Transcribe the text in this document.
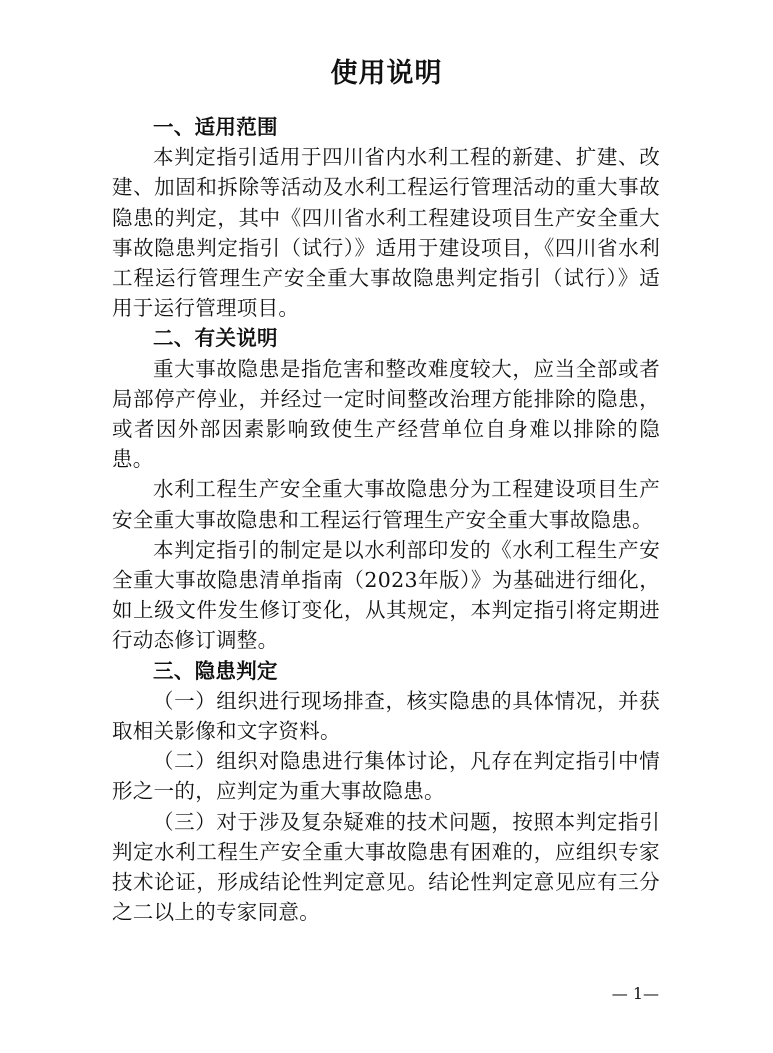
使用说明

一、适用范围

本判定指引适用于四川省内水利工程的新建、扩建、改建、加固和拆除等活动及水利工程运行管理活动的重大事故隐患的判定，其中《四川省水利工程建设项目生产安全重大事故隐患判定指引（试行）》适用于建设项目，《四川省水利工程运行管理生产安全重大事故隐患判定指引（试行）》适用于运行管理项目。

二、有关说明

重大事故隐患是指危害和整改难度较大，应当全部或者局部停产停业，并经过一定时间整改治理方能排除的隐患，或者因外部因素影响致使生产经营单位自身难以排除的隐患。

水利工程生产安全重大事故隐患分为工程建设项目生产安全重大事故隐患和工程运行管理生产安全重大事故隐患。

本判定指引的制定是以水利部印发的《水利工程生产安全重大事故隐患清单指南（2023年版）》为基础进行细化，如上级文件发生修订变化，从其规定，本判定指引将定期进行动态修订调整。

三、隐患判定

（一）组织进行现场排查，核实隐患的具体情况，并获取相关影像和文字资料。

（二）组织对隐患进行集体讨论，凡存在判定指引中情形之一的，应判定为重大事故隐患。

（三）对于涉及复杂疑难的技术问题，按照本判定指引判定水利工程生产安全重大事故隐患有困难的，应组织专家技术论证，形成结论性判定意见。结论性判定意见应有三分之二以上的专家同意。

— 1—
